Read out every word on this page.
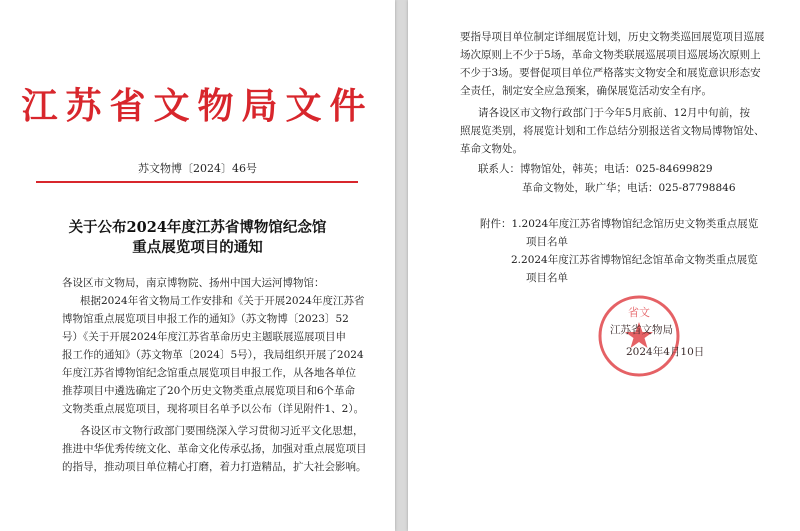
江苏省文物局文件
苏文物博〔2024〕46号
关于公布2024年度江苏省博物馆纪念馆
重点展览项目的通知
各设区市文物局，南京博物院、扬州中国大运河博物馆：
根据2024年省文物局工作安排和《关于开展2024年度江苏省
博物馆重点展览项目申报工作的通知》（苏文物博〔2023〕52
号）《关于开展2024年度江苏省革命历史主题联展巡展项目申
报工作的通知》（苏文物革〔2024〕5号），我局组织开展了2024
年度江苏省博物馆纪念馆重点展览项目申报工作，从各地各单位
推荐项目中遴选确定了20个历史文物类重点展览项目和6个革命
文物类重点展览项目，现将项目名单予以公布（详见附件1、2）。
各设区市文物行政部门要围绕深入学习贯彻习近平文化思想，
推进中华优秀传统文化、革命文化传承弘扬，加强对重点展览项目
的指导，推动项目单位精心打磨，着力打造精品，扩大社会影响。
要指导项目单位制定详细展览计划，历史文物类巡回展览项目巡展
场次原则上不少于5场，革命文物类联展巡展项目巡展场次原则上
不少于3场。要督促项目单位严格落实文物安全和展览意识形态安
全责任，制定安全应急预案，确保展览活动安全有序。
请各设区市文物行政部门于今年5月底前、12月中旬前，按
照展览类别，将展览计划和工作总结分别报送省文物局博物馆处、
革命文物处。
联系人：博物馆处，韩英；电话：025-84699829
革命文物处，耿广华；电话：025-87798846
附件：1.2024年度江苏省博物馆纪念馆历史文物类重点展览
项目名单
2.2024年度江苏省博物馆纪念馆革命文物类重点展览
项目名单
省文
江苏省文物局
2024年4月10日
